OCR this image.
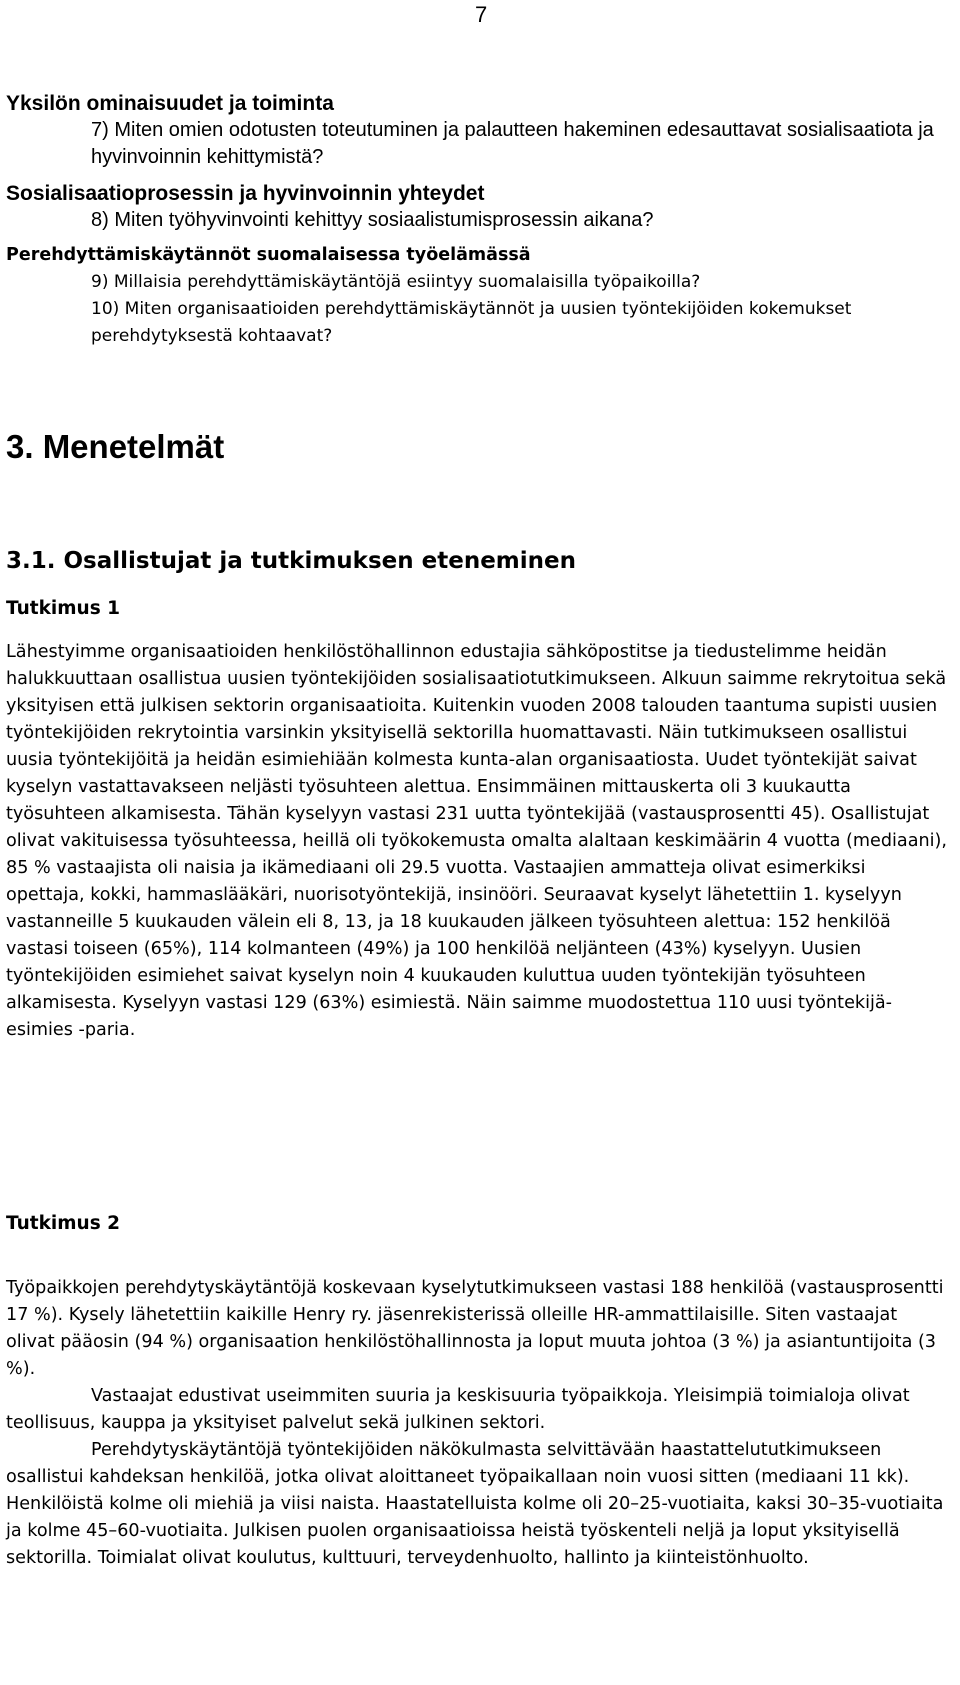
7
Yksilön ominaisuudet ja toiminta

7) Miten omien odotusten toteutuminen ja palautteen hakeminen edesauttavat sosialisaatiota ja hyvinvoinnin kehittymistä?

Sosialisaatioprosessin ja hyvinvoinnin yhteydet

8) Miten työhyvinvointi kehittyy sosiaalistumisprosessin aikana?

Perehdyttämiskäytännöt suomalaisessa työelämässä

9) Millaisia perehdyttämiskäytäntöjä esiintyy suomalaisilla työpaikoilla?

10) Miten organisaatioiden perehdyttämiskäytännöt ja uusien työntekijöiden kokemukset perehdytyksestä kohtaavat?

3. Menetelmät
3.1. Osallistujat ja tutkimuksen eteneminen
Tutkimus 1

Lähestyimme organisaatioiden henkilöstöhallinnon edustajia sähköpostitse ja tiedustelimme heidän halukkuuttaan osallistua uusien työntekijöiden sosialisaatiotutkimukseen. Alkuun saimme rekrytoitua sekä yksityisen että julkisen sektorin organisaatioita. Kuitenkin vuoden 2008 talouden taantuma supisti uusien työntekijöiden rekrytointia varsinkin yksityisellä sektorilla huomattavasti. Näin tutkimukseen osallistui uusia työntekijöitä ja heidän esimiehiään kolmesta kunta-alan organisaatiosta. Uudet työntekijät saivat kyselyn vastattavakseen neljästi työsuhteen alettua. Ensimmäinen mittauskerta oli 3 kuukautta työsuhteen alkamisesta. Tähän kyselyyn vastasi 231 uutta työntekijää (vastausprosentti 45). Osallistujat olivat vakituisessa työsuhteessa, heillä oli työkokemusta omalta alaltaan keskimäärin 4 vuotta (mediaani), 85 % vastaajista oli naisia ja ikämediaani oli 29.5 vuotta. Vastaajien ammatteja olivat esimerkiksi opettaja, kokki, hammaslääkäri, nuorisotyöntekijä, insinööri. Seuraavat kyselyt lähetettiin 1. kyselyyn vastanneille 5 kuukauden välein eli 8, 13, ja 18 kuukauden jälkeen työsuhteen alettua: 152 henkilöä vastasi toiseen (65%), 114 kolmanteen (49%) ja 100 henkilöä neljänteen (43%) kyselyyn. Uusien työntekijöiden esimiehet saivat kyselyn noin 4 kuukauden kuluttua uuden työntekijän työsuhteen alkamisesta. Kyselyyn vastasi 129 (63%) esimiestä. Näin saimme muodostettua 110 uusi työntekijä-esimies -paria.

Tutkimus 2

Työpaikkojen perehdytyskäytäntöjä koskevaan kyselytutkimukseen vastasi 188 henkilöä (vastausprosentti 17 %). Kysely lähetettiin kaikille Henry ry. jäsenrekisterissä olleille HR-ammattilaisille. Siten vastaajat olivat pääosin (94 %) organisaation henkilöstöhallinnosta ja loput muuta johtoa (3 %) ja asiantuntijoita (3 %).

Vastaajat edustivat useimmiten suuria ja keskisuuria työpaikkoja. Yleisimpiä toimialoja olivat teollisuus, kauppa ja yksityiset palvelut sekä julkinen sektori.

Perehdytyskäytäntöjä työntekijöiden näkökulmasta selvittävään haastattelututkimukseen osallistui kahdeksan henkilöä, jotka olivat aloittaneet työpaikallaan noin vuosi sitten (mediaani 11 kk). Henkilöistä kolme oli miehiä ja viisi naista. Haastatelluista kolme oli 20–25-vuotiaita, kaksi 30–35-vuotiaita ja kolme 45–60-vuotiaita. Julkisen puolen organisaatioissa heistä työskenteli neljä ja loput yksityisellä sektorilla. Toimialat olivat koulutus, kulttuuri, terveydenhuolto, hallinto ja kiinteistönhuolto.
